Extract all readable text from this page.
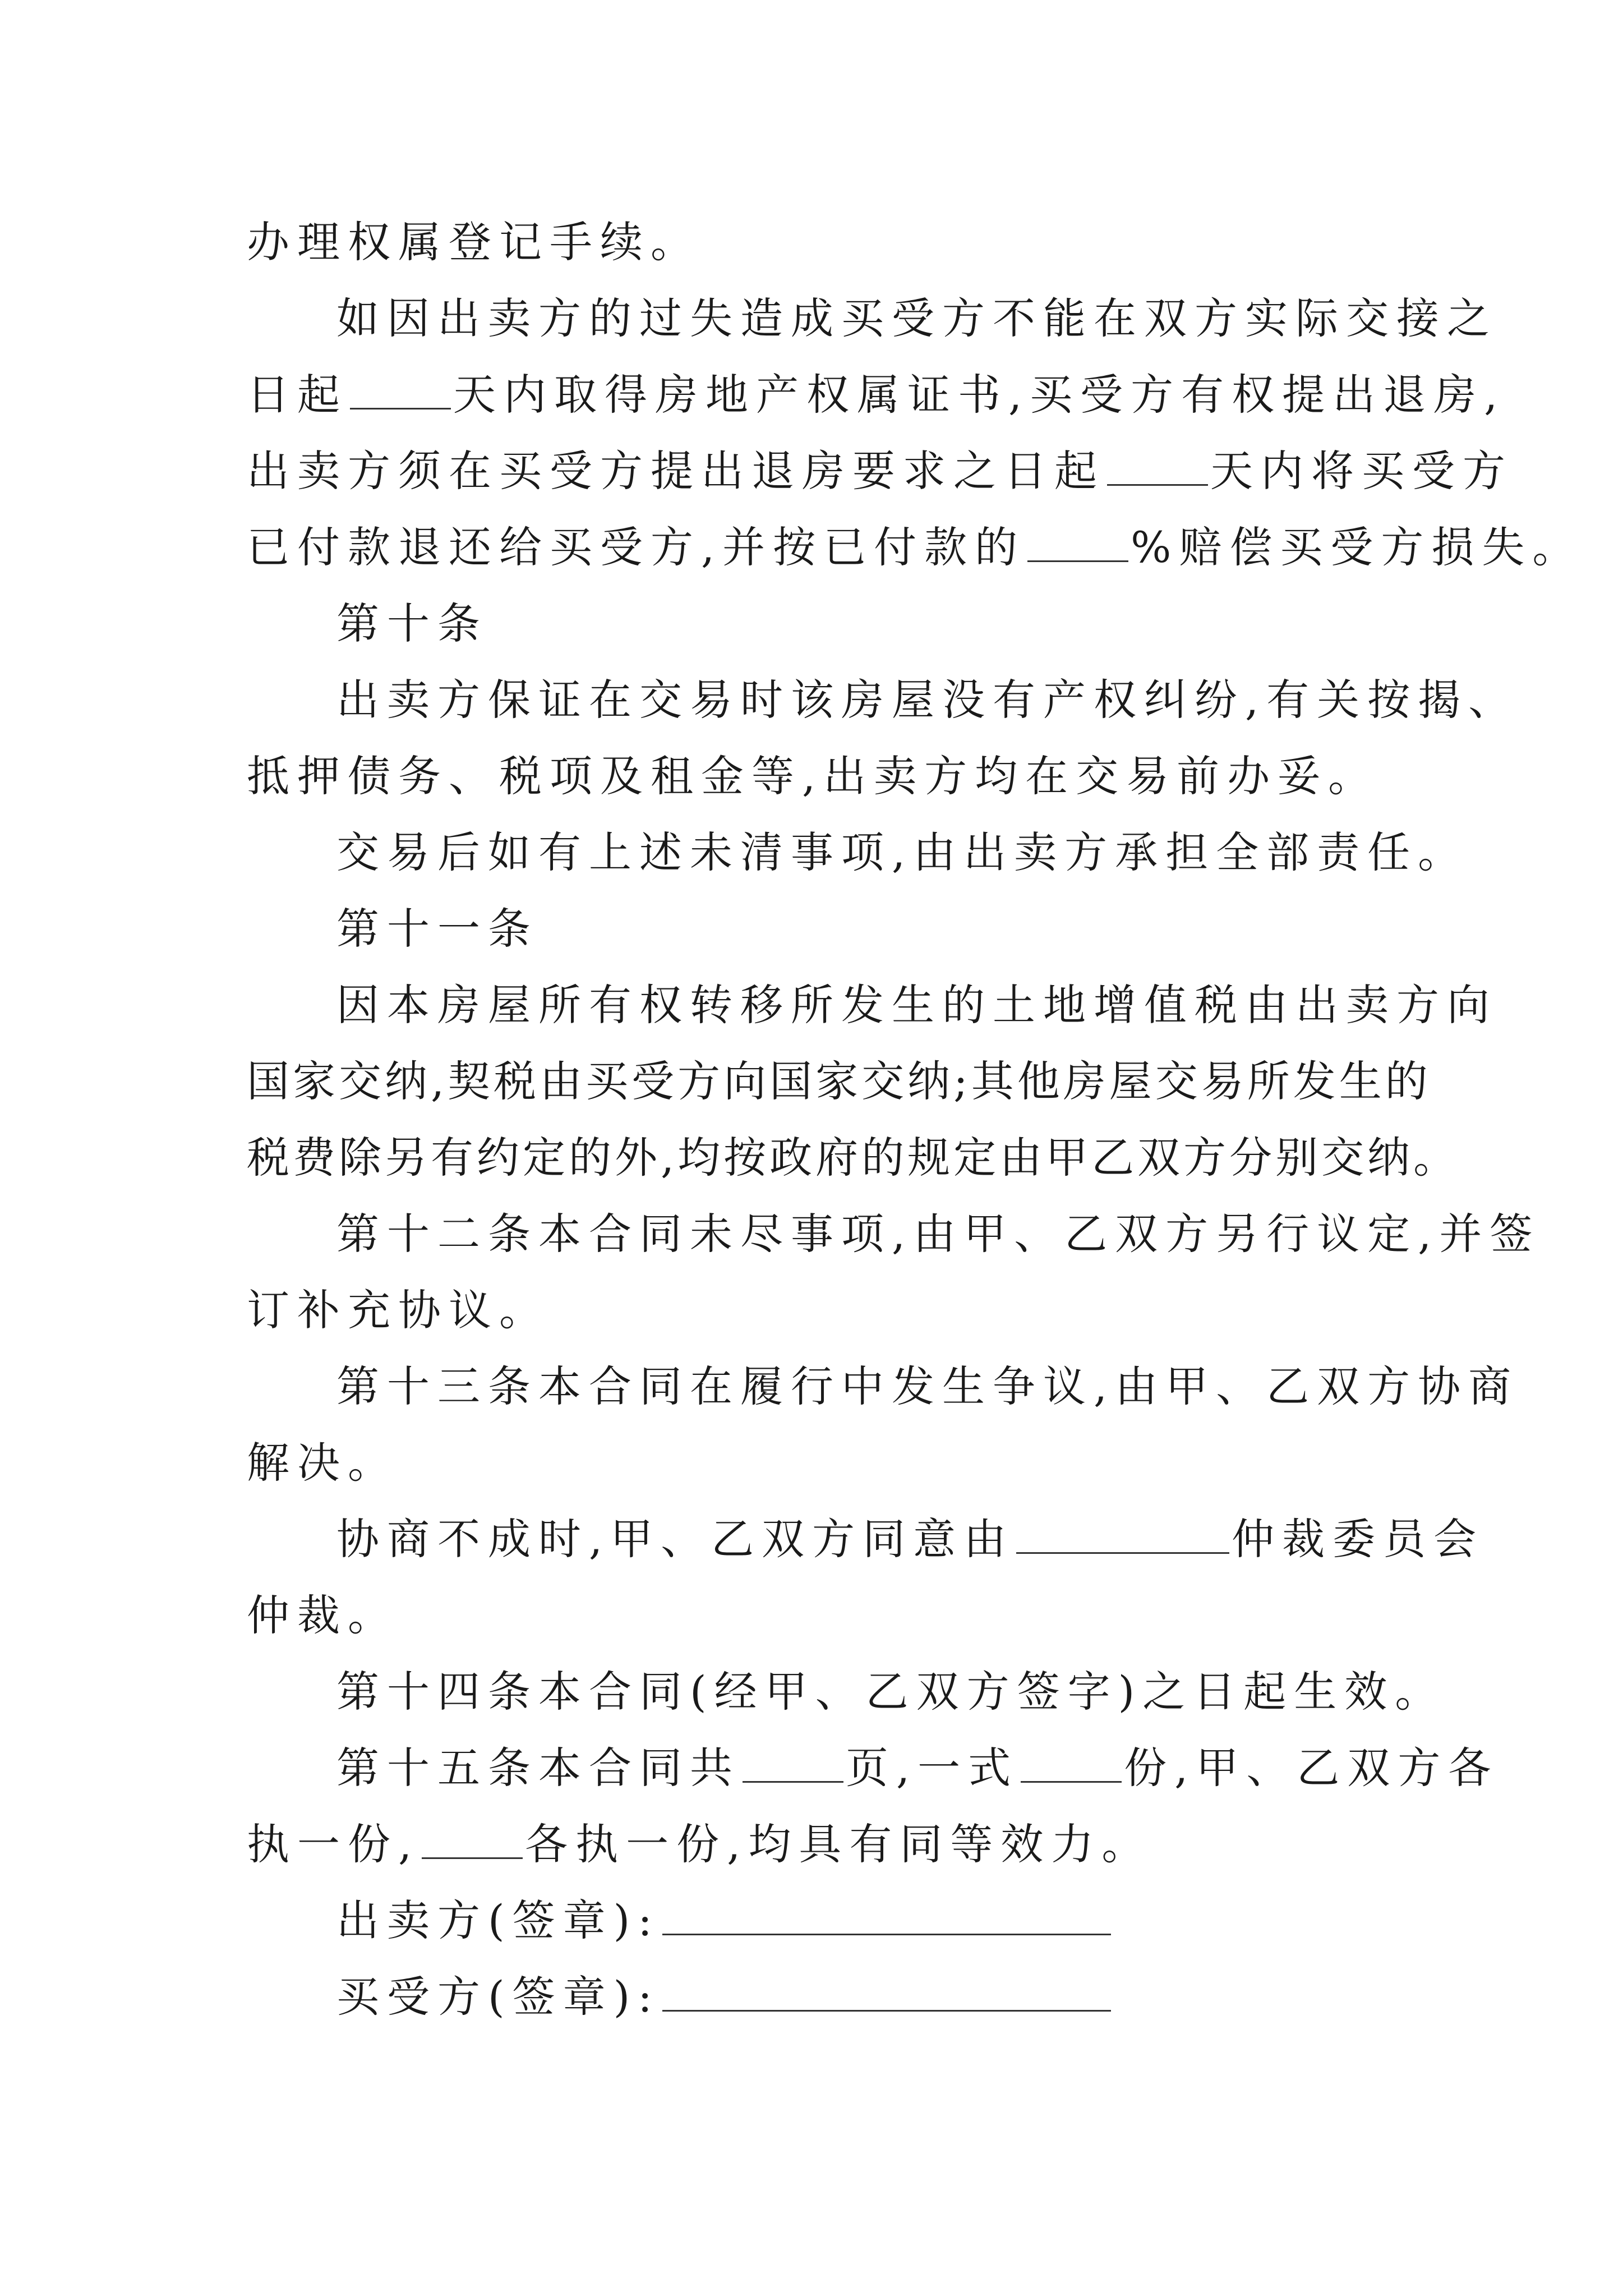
办理权属登记手续。
如因出卖方的过失造成买受方不能在双方实际交接之
日起 天内取得房地产权属证书,买受方有权提出退房,
出卖方须在买受方提出退房要求之日起 天内将买受方
已付款退还给买受方,并按已付款的 %赔偿买受方损失。
第十条
出卖方保证在交易时该房屋没有产权纠纷,有关按揭、
抵押债务、税项及租金等,出卖方均在交易前办妥。
交易后如有上述未清事项,由出卖方承担全部责任。
第十一条
因本房屋所有权转移所发生的土地增值税由出卖方向
国家交纳,契税由买受方向国家交纳;其他房屋交易所发生的
税费除另有约定的外,均按政府的规定由甲乙双方分别交纳。
第十二条本合同未尽事项,由甲、乙双方另行议定,并签
订补充协议。
第十三条本合同在履行中发生争议,由甲、乙双方协商
解决。
协商不成时,甲、乙双方同意由	仲裁委员会
仲裁。
第十四条本合同(经甲、乙双方签字)之日起生效。
第十五条本合同共 页,一式 份,甲、乙双方各
执一份, 各执一份,均具有同等效力。
出卖方(签章):
买受方(签章):
